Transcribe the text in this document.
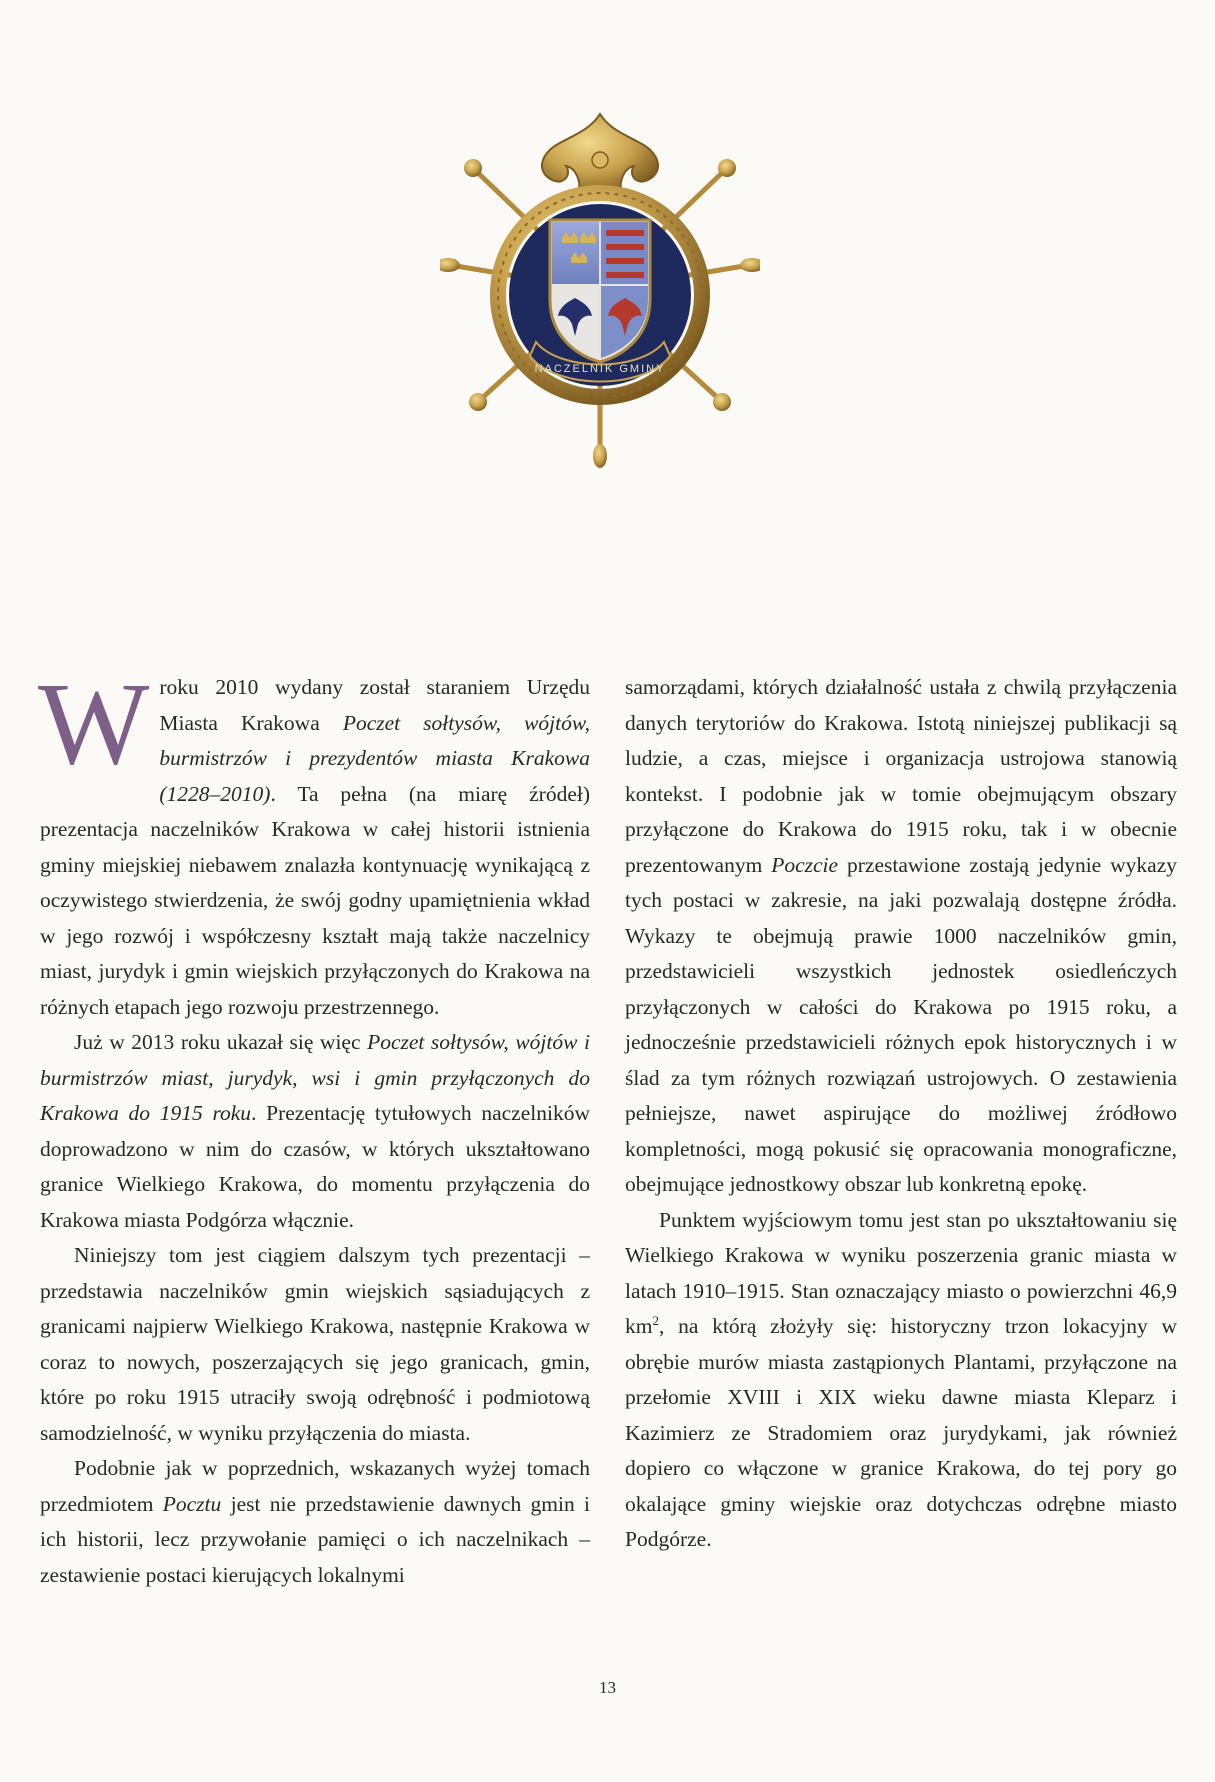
NACZELNIK GMINY

Wroku 2010 wydany został staraniem Urzędu Miasta Krakowa Poczet sołtysów, wójtów, burmistrzów i prezydentów miasta Krakowa (1228–2010). Ta pełna (na miarę źródeł) prezentacja naczelników Krakowa w całej historii istnienia gminy miejskiej niebawem znalazła kontynuację wynikającą z oczywistego stwierdzenia, że swój godny upamiętnienia wkład w jego rozwój i współczesny kształt mają także naczelnicy miast, jurydyk i gmin wiejskich przyłączonych do Krakowa na różnych etapach jego rozwoju przestrzennego.

Już w 2013 roku ukazał się więc Poczet sołtysów, wójtów i burmistrzów miast, jurydyk, wsi i gmin przyłączonych do Krakowa do 1915 roku. Prezentację tytułowych naczelników doprowadzono w nim do czasów, w których ukształtowano granice Wielkiego Krakowa, do momentu przyłączenia do Krakowa miasta Podgórza włącznie.

Niniejszy tom jest ciągiem dalszym tych prezentacji – przedstawia naczelników gmin wiejskich sąsiadujących z granicami najpierw Wielkiego Krakowa, następnie Krakowa w coraz to nowych, poszerzających się jego granicach, gmin, które po roku 1915 utraciły swoją odrębność i podmiotową samodzielność, w wyniku przyłączenia do miasta.

Podobnie jak w poprzednich, wskazanych wyżej tomach przedmiotem Pocztu jest nie przedstawienie dawnych gmin i ich historii, lecz przywołanie pamięci o ich naczelnikach – zestawienie postaci kierujących lokalnymi

samorządami, których działalność ustała z chwilą przyłączenia danych terytoriów do Krakowa. Istotą niniejszej publikacji są ludzie, a czas, miejsce i organizacja ustrojowa stanowią kontekst. I podobnie jak w tomie obejmującym obszary przyłączone do Krakowa do 1915 roku, tak i w obecnie prezentowanym Poczcie przestawione zostają jedynie wykazy tych postaci w zakresie, na jaki pozwalają dostępne źródła. Wykazy te obejmują prawie 1000 naczelników gmin, przedstawicieli wszystkich jednostek osiedleńczych przyłączonych w całości do Krakowa po 1915 roku, a jednocześnie przedstawicieli różnych epok historycznych i w ślad za tym różnych rozwiązań ustrojowych. O zestawienia pełniejsze, nawet aspirujące do możliwej źródłowo kompletności, mogą pokusić się opracowania monograficzne, obejmujące jednostkowy obszar lub konkretną epokę.

Punktem wyjściowym tomu jest stan po ukształtowaniu się Wielkiego Krakowa w wyniku poszerzenia granic miasta w latach 1910–1915. Stan oznaczający miasto o powierzchni 46,9 $km^2$, na którą złożyły się: historyczny trzon lokacyjny w obrębie murów miasta zastąpionych Plantami, przyłączone na przełomie XVIII i XIX wieku dawne miasta Kleparz i Kazimierz ze Stradomiem oraz jurydykami, jak również dopiero co włączone w granice Krakowa, do tej pory go okalające gminy wiejskie oraz dotychczas odrębne miasto Podgórze.

13
